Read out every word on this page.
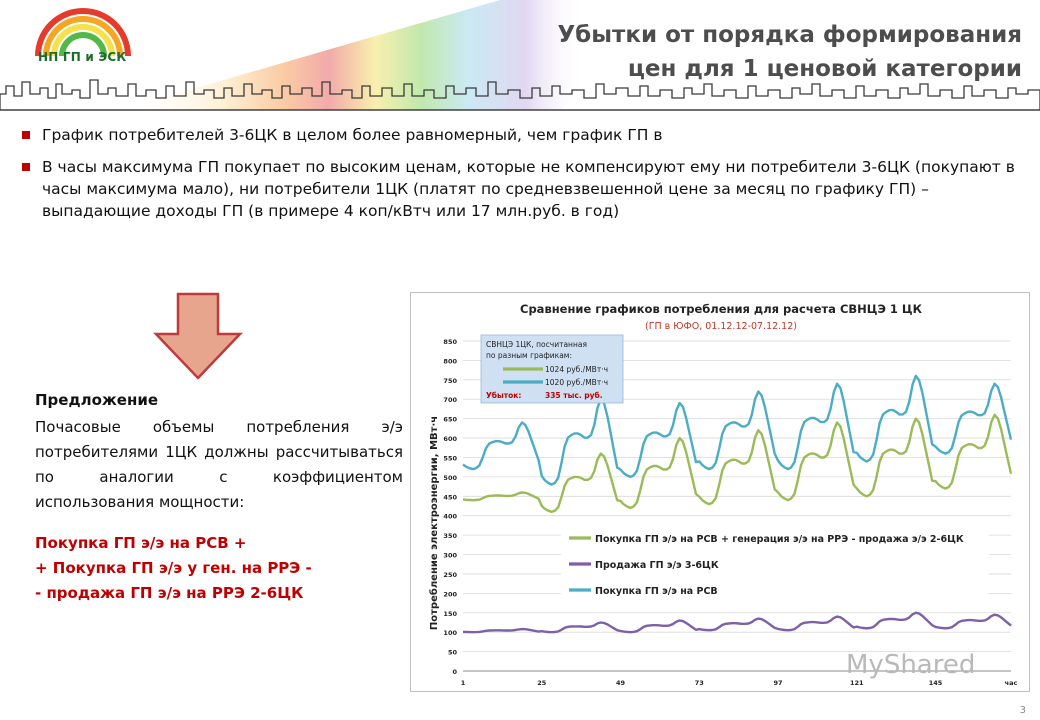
НП ГП и ЭСК
Убытки от порядка формирования
цен для 1 ценовой категории
График потребителей 3-6ЦК в целом более равномерный, чем график ГП в
В часы максимума ГП покупает по высоким ценам, которые не компенсируют ему ни потребители 3-6ЦК (покупают в часы максимума мало), ни потребители 1ЦК (платят по средневзвешенной цене за месяц по графику ГП) – выпадающие доходы ГП (в примере 4 коп/кВтч или 17 млн.руб. в год)
Предложение
Почасовые объемы потребления э/э потребителями 1ЦК должны рассчитываться по аналогии с коэффициентом использования мощности:
Покупка ГП э/э на РСВ +
+ Покупка ГП э/э у ген. на РРЭ -
- продажа ГП э/э на РРЭ 2-6ЦК
Сравнение графиков потребления для расчета СВНЦЭ 1 ЦК
(ГП в ЮФО, 01.12.12-07.12.12)
Потребление электроэнергии, МВт·ч
0
50
100
150
200
250
300
350
400
450
500
550
600
650
700
750
800
850
1	25	49	73	97	121	145	час
СВНЦЭ 1ЦК, посчитанная по разным графикам:
1024 руб./МВт·ч
1020 руб./МВт·ч
Убыток:	335 тыс. руб.
Покупка ГП э/э на РСВ + генерация э/э на РРЭ - продажа э/э 2-6ЦК
Продажа ГП э/э 3-6ЦК
Покупка ГП э/э на РСВ
MyShared
3
